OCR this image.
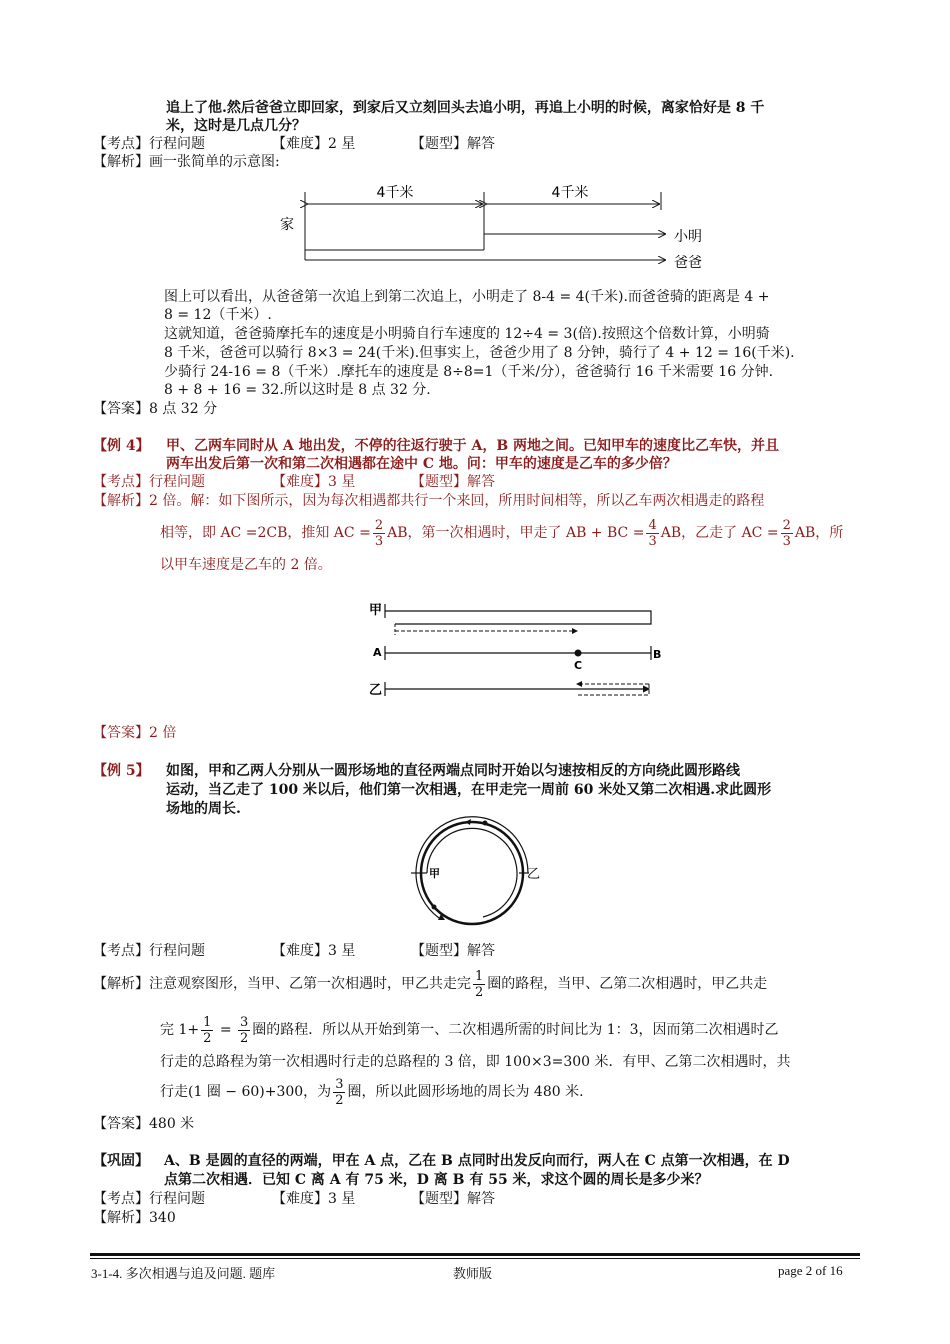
追上了他.然后爸爸立即回家，到家后又立刻回头去追小明，再追上小明的时候，离家恰好是 8 千
米，这时是几点几分？
【考点】行程问题	【难度】2 星	【题型】解答
【解析】画一张简单的示意图:
4千米	4千米
家
小明
爸爸
图上可以看出，从爸爸第一次追上到第二次追上，小明走了 8-4 = 4(千米).而爸爸骑的距离是 4 +
8 = 12（千米）.
这就知道，爸爸骑摩托车的速度是小明骑自行车速度的 12÷4 = 3(倍).按照这个倍数计算，小明骑
8 千米，爸爸可以骑行 8×3 = 24(千米).但事实上，爸爸少用了 8 分钟，骑行了 4 + 12 = 16(千米).
少骑行 24-16 = 8（千米）.摩托车的速度是 8÷8=1（千米/分），爸爸骑行 16 千米需要 16 分钟.
8 + 8 + 16 = 32.所以这时是 8 点 32 分.
【答案】8 点 32 分
【例 4】 甲、乙两车同时从 A 地出发，不停的往返行驶于 A，B 两地之间。已知甲车的速度比乙车快，并且
两车出发后第一次和第二次相遇都在途中 C 地。问：甲车的速度是乙车的多少倍？
【考点】行程问题	【难度】3 星	【题型】解答
【解析】2 倍。解：如下图所示，因为每次相遇都共行一个来回，所用时间相等，所以乙车两次相遇走的路程
相等，即 AC =2CB，推知 AC = $\frac{2}{3}$ AB，第一次相遇时，甲走了 AB + BC = $\frac{4}{3}$ AB，乙走了 AC = $\frac{2}{3}$ AB，所
以甲车速度是乙车的 2 倍。
甲
A	B
C
乙
【答案】2 倍
【例 5】 如图，甲和乙两人分别从一圆形场地的直径两端点同时开始以匀速按相反的方向绕此圆形路线
运动，当乙走了 100 米以后，他们第一次相遇，在甲走完一周前 60 米处又第二次相遇.求此圆形
场地的周长.
甲	乙
【考点】行程问题	【难度】3 星	【题型】解答
【解析】注意观察图形，当甲、乙第一次相遇时，甲乙共走完 $\frac{1}{2}$ 圈的路程，当甲、乙第二次相遇时，甲乙共走
完 $1+ \frac{1}{2} = \frac{3}{2}$ 圈的路程．所以从开始到第一、二次相遇所需的时间比为 1：3，因而第二次相遇时乙
行走的总路程为第一次相遇时行走的总路程的 3 倍，即 100×3=300 米．有甲、乙第二次相遇时，共
行走(1 圈 − 60)+300，为 $\frac{3}{2}$ 圈，所以此圆形场地的周长为 480 米.
【答案】480 米
【巩固】 A、B 是圆的直径的两端，甲在 A 点，乙在 B 点同时出发反向而行，两人在 C 点第一次相遇，在 D
点第二次相遇．已知 C 离 A 有 75 米，D 离 B 有 55 米，求这个圆的周长是多少米？
【考点】行程问题	【难度】3 星	【题型】解答
【解析】340
3-1-4. 多次相遇与追及问题. 题库	教师版	page 2 of 16
